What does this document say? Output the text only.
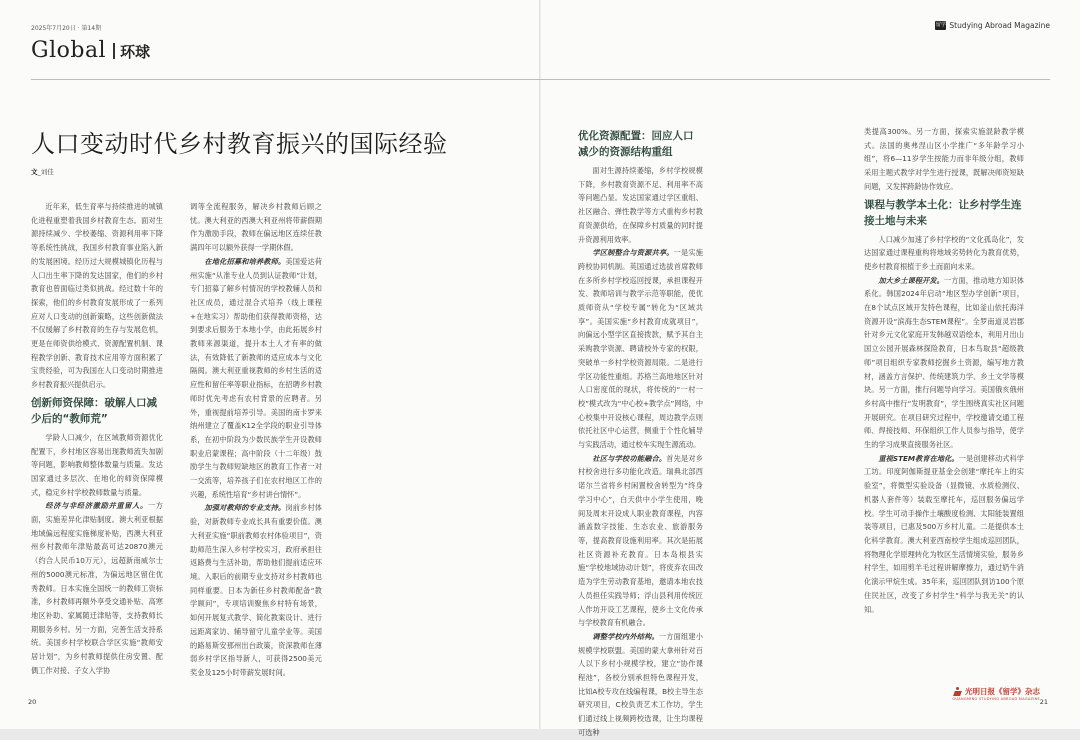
2025年7月20日 · 第14期	留学 Studying Abroad Magazine
Global 环球
人口变动时代乡村教育振兴的国际经验
文_刘佳

近年来，低生育率与持续推进的城镇化进程重塑着我国乡村教育生态。面对生源持续减少、学校萎缩、资源利用率下降等系统性挑战，我国乡村教育事业陷入新的发展困境。经历过大规模城镇化历程与人口出生率下降的发达国家，他们的乡村教育也曾面临过类似挑战。经过数十年的探索，他们的乡村教育发展形成了一系列应对人口变动的创新策略，这些创新做法不仅缓解了乡村教育的生存与发展危机，更是在师资供给模式、资源配置机制、课程教学创新、教育技术应用等方面积累了宝贵经验，可为我国在人口变动时期推进乡村教育振兴提供启示。

创新师资保障：破解人口减少后的“教师荒”

学龄人口减少，在区域教师资源优化配置下，乡村地区容易出现教师流失加剧等问题，影响教师整体数量与质量。发达国家通过多层次、在地化的师资保障模式，稳定乡村学校教师数量与质量。

经济与非经济激励并重留人。一方面，实施差异化津贴制度。澳大利亚根据地域偏远程度实施梯度补贴，西澳大利亚州乡村教师年津贴最高可达20870澳元（约合人民币10万元），远超新南威尔士州的5000澳元标准，为偏远地区留住优秀教师。日本实施全国统一的教师工资标准，乡村教师再额外享受交通补贴、高寒地区补助、家属随迁津贴等，支持教师长期服务乡村。另一方面，完善生活支持系统。美国乡村学校联合学区实施“教师安居计划”，为乡村教师提供住房安置、配偶工作对接、子女入学协

调等全流程服务，解决乡村教师后顾之忧。澳大利亚的西澳大利亚州将带薪假期作为激励手段，教师在偏远地区连续任教满四年可以额外获得一学期休假。

在地化招募和培养教师。美国爱达荷州实施“从准专业人员到认证教师”计划，专门招募了解乡村情况的学校教辅人员和社区成员，通过混合式培养（线上课程+在地实习）帮助他们获得教师资格，达到要求后服务于本地小学，由此拓展乡村教师来源渠道，提升本土人才有率的做法，有效降低了新教师的适应成本与文化隔阂。澳大利亚重视教师的乡村生活的适应性和留任率等职业指标，在招聘乡村教师时优先考虑有农村背景的应聘者。另外，重视提前培养引导。美国的南卡罗来纳州建立了覆盖K12全学段的职业引导体系，在初中阶段为少数民族学生开设教师职业启蒙课程；高中阶段（十二年级）鼓励学生与教师短缺地区的教育工作者一对一交流等，培养孩子们在农村地区工作的兴趣，系统性培育“乡村讲台情怀”。

加强对教师的专业支持。岗前乡村体验，对新教师专业成长具有重要价值。澳大利亚实施“职前教师农村体验项目”，资助师范生深入乡村学校实习，政府承担往返路费与生活补助，帮助他们提前适应环境。入职后的前期专业支持对乡村教师也同样重要。日本为新任乡村教师配备“教学顾问”，专项培训聚焦乡村特有场景，如何开展复式教学、简化教案设计、进行远距离家访、辅导留守儿童学业等。美国的路易斯安那州出台政策，资深教师在薄弱乡村学区指导新人，可获得2500美元奖金及125小时带薪发展时间。

优化资源配置：回应人口减少的资源结构重组

面对生源持续萎缩，乡村学校规模下降，乡村教育资源不足、利用率不高等问题凸显。发达国家通过学区重组、社区融合、弹性教学等方式重构乡村教育资源供给，在保障乡村质量的同时提升资源利用效率。

学区制整合与资源共享。一是实施跨校协同机制。英国通过选拔首席教师在多所乡村学校巡回授课，承担课程开发、教师培训与教学示范等职能，使优质师资从“学校专属”转化为“区域共享”。美国实施“乡村教育成就项目”，向偏远小型学区直接拨款，赋予其自主采购教学资源、聘请校外专家的权限，突破单一乡村学校资源局限。二是进行学区功能性重组。苏格兰高地地区针对人口密度低的现状，将传统的“一村一校”模式改为“中心校+教学点”网络，中心校集中开设核心课程，周边教学点则依托社区中心运营，侧重于个性化辅导与实践活动，通过校车实现生源流动。

社区与学校功能融合。首先是对乡村校舍进行多功能化改造。瑞典北部西诺尔兰省将乡村闲置校舍转型为“终身学习中心”，白天供中小学生使用，晚间及周末开设成人职业教育课程，内容涵盖数字技能、生态农业、旅游服务等，提高教育设施利用率。其次是拓展社区资源补充教育。日本岛根县实施“学校地域协动计划”，将废弃农田改造为学生劳动教育基地，邀请本地农技人员担任实践导师；浮山县利用传统匠人作坊开设工艺课程，使乡土文化传承与学校教育有机融合。

调整学校内外结构。一方面组建小规模学校联盟。美国的蒙大拿州针对百人以下乡村小规模学校，建立“协作课程池”，各校分别承担特色课程开发，比如A校专攻在线编程课，B校主导生态研究项目，C校负责艺术工作坊，学生们通过线上视频跨校选课，让生均课程可选种

类提高300%。另一方面，探索实施混龄教学模式。法国的奥弗涅山区小学推广“多年龄学习小组”，将6—11岁学生按能力而非年级分组，教师采用主题式教学对学生进行授课，既解决师资短缺问题，又发挥跨龄协作效应。

课程与教学本土化：让乡村学生连接土地与未来

人口减少加速了乡村学校的“文化孤岛化”，发达国家通过课程重构将地域劣势转化为教育优势，使乡村教育根植于乡土而面向未来。

加大乡土课程开发。一方面，推动地方知识体系化。韩国2024年启动“地区型办学创新”项目，在8个试点区域开发特色课程，比如釜山依托海洋资源开设“滨海生态STEM课程”。全罗南道灵岩郡针对乡元文化家庭开发韩越双语绘本，利用月出山国立公园开展森林探险教育，日本鸟取县“超级教师”项目组织专家教师挖掘乡土资源，编写地方教材，涵盖方言保护、传统建筑力学、乡土文学等模块。另一方面，推行问题导向学习。美国俄亥俄州乡村高中推行“发明教育”，学生围绕真实社区问题开展研究。在项目研究过程中，学校邀请交通工程师、焊接技师、环保组织工作人员参与指导，使学生的学习成果直接服务社区。

重视STEM教育在地化。一是创建移动式科学工坊。印度阿伽斯提亚基金会创建“摩托车上的实验室”，将微型实验设备（显微镜、水质检测仪、机器人套件等）装载至摩托车，巡回服务偏远学校。学生可动手操作土壤酸度检测、太阳能装置组装等项目，已惠及500万乡村儿童。二是提供本土化科学教育。澳大利亚西南校学生组成巡回团队，将物理化学原理转化为牧区生活情境实验，服务乡村学生，如用剪羊毛过程讲解摩擦力，通过奶牛消化演示甲烷生成。35年来，巡回团队到访100个原住民社区，改变了乡村学生“科学与我无关”的认知。

20	21
光明日报《留学》杂志
GUANGMING STUDYING ABROAD MAGAZINE
